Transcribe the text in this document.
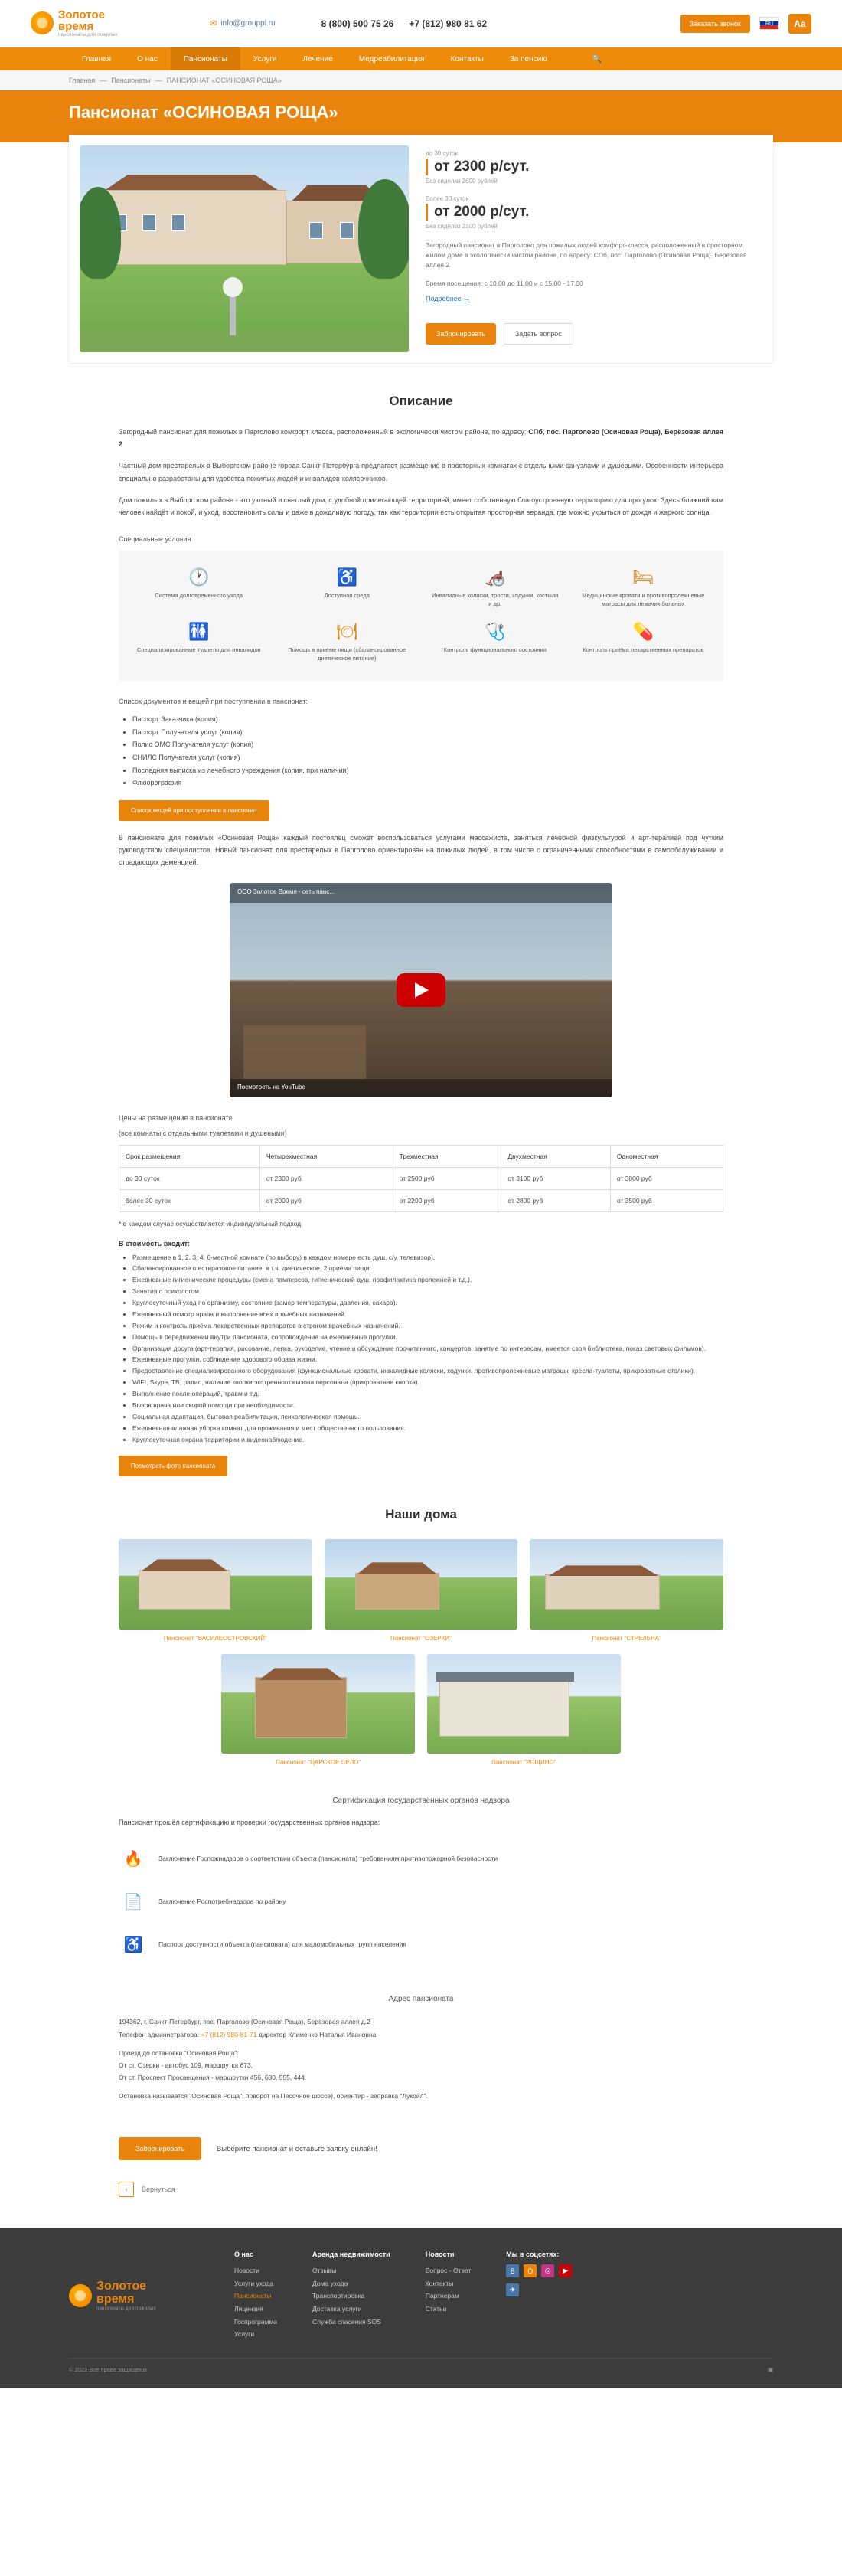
Золотое
время
пансионаты для пожилых
✉ info@grouppl.ru	8 (800) 500 75 26 +7 (812) 980 81 62	Заказать звонок	RU	Аа
Главная	О нас	Пансионаты	Услуги	Лечение	Медреабилитация	Контакты	За пенсию	🔍
Главная — Пансионаты — ПАНСИОНАТ «ОСИНОВАЯ РОЩА»
Пансионат «ОСИНОВАЯ РОЩА»
до 30 суток
от 2300 р/сут.
Без сиделки 2600 рублей
Более 30 суток
от 2000 р/сут.
Без сиделки 2300 рублей
Загородный пансионат в Парголово для пожилых людей комфорт-класса, расположенный в просторном жилом доме в экологически чистом районе, по адресу: СПб, пос. Парголово (Осиновая Роща), Берёзовая аллея 2
Время посещения: с 10.00 до 11.00 и с 15.00 - 17.00
Подробнее →
Забронировать	Задать вопрос
Описание

Загородный пансионат для пожилых в Парголово комфорт класса, расположенный в экологически чистом районе, по адресу: СПб, пос. Парголово (Осиновая Роща), Берёзовая аллея 2

Частный дом престарелых в Выборгском районе города Санкт-Петербурга предлагает размещение в просторных комнатах с отдельными санузлами и душевыми. Особенности интерьера специально разработаны для удобства пожилых людей и инвалидов-колясочников.

Дом пожилых в Выборгском районе - это уютный и светлый дом, с удобной прилегающей территорией, имеет собственную благоустроенную территорию для прогулок. Здесь ближний вам человек найдёт и покой, и уход, восстановить силы и даже в дождливую погоду, так как территории есть открытая просторная веранда, где можно укрыться от дождя и жаркого солнца.

Специальные условия
🕐
Система долговременного ухода
♿
Доступная среда
🦽
Инвалидные коляски, трости, ходунки, костыли и др.
🛏
Медицинские кровати и противопролежневые матрасы для лежачих больных
🚻
Специализированные туалеты для инвалидов
🍽
Помощь в приёме пищи (сбалансированное диетическое питание)
🩺
Контроль функционального состояния
💊
Контроль приёма лекарственных препаратов
Список документов и вещей при поступлении в пансионат:
• Паспорт Заказчика (копия)
• Паспорт Получателя услуг (копия)
• Полис ОМС Получателя услуг (копия)
• СНИЛС Получателя услуг (копия)
• Последняя выписка из лечебного учреждения (копия, при наличии)
• Флюорография
Список вещей при поступлении в пансионат

В пансионате для пожилых «Осиновая Роща» каждый постоялец сможет воспользоваться услугами массажиста, заняться лечебной физкультурой и арт-терапией под чутким руководством специалистов. Новый пансионат для престарелых в Парголово ориентирован на пожилых людей, в том числе с ограниченными способностями в самообслуживании и страдающих деменцией.

ООО Золотое Время - сеть панс...
Посмотреть на YouTube
Цены на размещение в пансионате
(все комнаты с отдельными туалетами и душевыми)
Срок размещения	Четырехместная	Трехместная	Двухместная	Одноместная
до 30 суток	от 2300 руб	от 2500 руб	от 3100 руб	от 3800 руб
более 30 суток	от 2000 руб	от 2200 руб	от 2800 руб	от 3500 руб
* в каждом случае осуществляется индивидуальный подход
В стоимость входит:
• Размещение в 1, 2, 3, 4, 6-местной комнате (по выбору) в каждом номере есть душ, с/у, телевизор).
• Сбалансированное шестиразовое питание, в т.ч. диетическое, 2 приёма пищи.
• Ежедневные гигиенические процедуры (смена памперсов, гигиенический душ, профилактика пролежней и т.д.).
• Занятия с психологом.
• Круглосуточный уход по организму, состояние (замер температуры, давления, сахара).
• Ежедневный осмотр врача и выполнение всех врачебных назначений.
• Режим и контроль приёма лекарственных препаратов в строгом врачебных назначений.
• Помощь в передвижении внутри пансионата, сопровождение на ежедневные прогулки.
• Организация досуга (арт-терапия, рисование, лепка, рукоделие, чтение и обсуждение прочитанного, концертов, занятие по интересам, имеется своя библиотека, показ световых фильмов).
• Ежедневные прогулки, соблюдение здорового образа жизни.
• Предоставление специализированного оборудования (функциональные кровати, инвалидные коляски, ходунки, противопролежневые матрацы, кресла-туалеты, прикроватные столики).
• WIFI, Skype, TB, радио, наличие кнопки экстренного вызова персонала (прикроватная кнопка).
• Выполнение после операций, травм и т.д.
• Вызов врача или скорой помощи при необходимости.
• Социальная адаптация, бытовая реабилитация, психологическая помощь.
• Ежедневная влажная уборка комнат для проживания и мест общественного пользования.
• Круглосуточная охрана территории и видеонаблюдение.
Посмотреть фото пансионата
Наши дома
Пансионат "ВАСИЛЕОСТРОВСКИЙ"	Пансионат "ОЗЕРКИ"	Пансионат "СТРЕЛЬНА"
Пансионат "ЦАРСКОЕ СЕЛО"	Пансионат "РОЩИНО"
Сертификация государственных органов надзора
Пансионат прошёл сертификацию и проверки государственных органов надзора:
🔥	Заключение Госпожнадзора о соответствии объекта (пансионата) требованиям противопожарной безопасности
📄	Заключение Роспотребнадзора по району
♿	Паспорт доступности объекта (пансионата) для маломобильных групп населения
Адрес пансионата
194362, г. Санкт-Петербург, пос. Парголово (Осиновая Роща), Берёзовая аллея д.2
Телефон администратора: +7 (812) 980-81-71 директор Клименко Наталья Ивановна
Проезд до остановки "Осиновая Роща":
От ст. Озерки - автобус 109, маршрутка 673,
От ст. Проспект Просвещения - маршрутки 456, 680, 555, 444.
Остановка называется "Осиновая Роща", поворот на Песочное шоссе), ориентир - заправка "Лукойл".
Забронировать	Выберите пансионат и оставьте заявку онлайн!
‹	Вернуться
Золотое
время
пансионаты для пожилых
О нас
Новости
Услуги ухода
Пансионаты
Лицензия
Госпрограмма
Услуги
Аренда недвижимости
Отзывы
Дома ухода
Транспортировка
Доставка услуги
Служба спасения SOS
Новости
Вопрос - Ответ
Контакты
Партнерам
Статьи
Мы в соцсетях:
В	О	◎	▶
✈
© 2022 Все права защищены	▣
